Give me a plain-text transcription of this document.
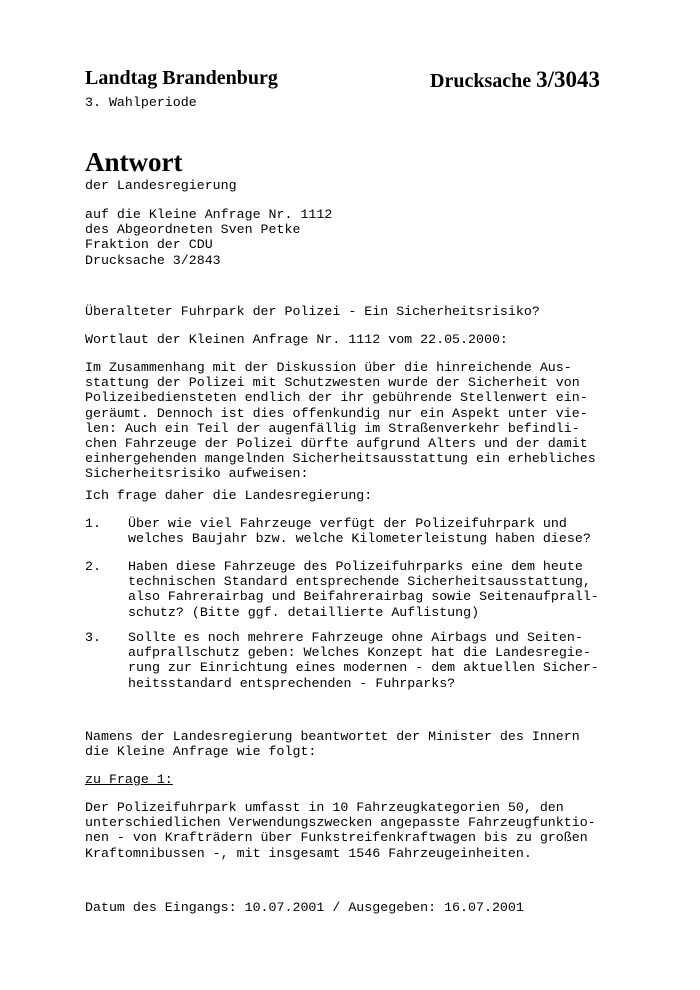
Landtag Brandenburg	Drucksache 3/3043
3. Wahlperiode
Antwort
der Landesregierung
auf die Kleine Anfrage Nr. 1112
des Abgeordneten Sven Petke
Fraktion der CDU
Drucksache 3/2843
Überalteter Fuhrpark der Polizei - Ein Sicherheitsrisiko?
Wortlaut der Kleinen Anfrage Nr. 1112 vom 22.05.2000:
Im Zusammenhang mit der Diskussion über die hinreichende Aus-
stattung der Polizei mit Schutzwesten wurde der Sicherheit von
Polizeibediensteten endlich der ihr gebührende Stellenwert ein-
geräumt. Dennoch ist dies offenkundig nur ein Aspekt unter vie-
len: Auch ein Teil der augenfällig im Straßenverkehr befindli-
chen Fahrzeuge der Polizei dürfte aufgrund Alters und der damit
einhergehenden mangelnden Sicherheitsausstattung ein erhebliches
Sicherheitsrisiko aufweisen:
Ich frage daher die Landesregierung:
1. Über wie viel Fahrzeuge verfügt der Polizeifuhrpark und
welches Baujahr bzw. welche Kilometerleistung haben diese?
2. Haben diese Fahrzeuge des Polizeifuhrparks eine dem heute
technischen Standard entsprechende Sicherheitsausstattung,
also Fahrerairbag und Beifahrerairbag sowie Seitenaufprall-
schutz? (Bitte ggf. detaillierte Auflistung)
3. Sollte es noch mehrere Fahrzeuge ohne Airbags und Seiten-
aufprallschutz geben: Welches Konzept hat die Landesregie-
rung zur Einrichtung eines modernen - dem aktuellen Sicher-
heitsstandard entsprechenden - Fuhrparks?
Namens der Landesregierung beantwortet der Minister des Innern
die Kleine Anfrage wie folgt:
zu Frage 1:
Der Polizeifuhrpark umfasst in 10 Fahrzeugkategorien 50, den
unterschiedlichen Verwendungszwecken angepasste Fahrzeugfunktio-
nen - von Krafträdern über Funkstreifenkraftwagen bis zu großen
Kraftomnibussen -, mit insgesamt 1546 Fahrzeugeinheiten.
Datum des Eingangs: 10.07.2001 / Ausgegeben: 16.07.2001
